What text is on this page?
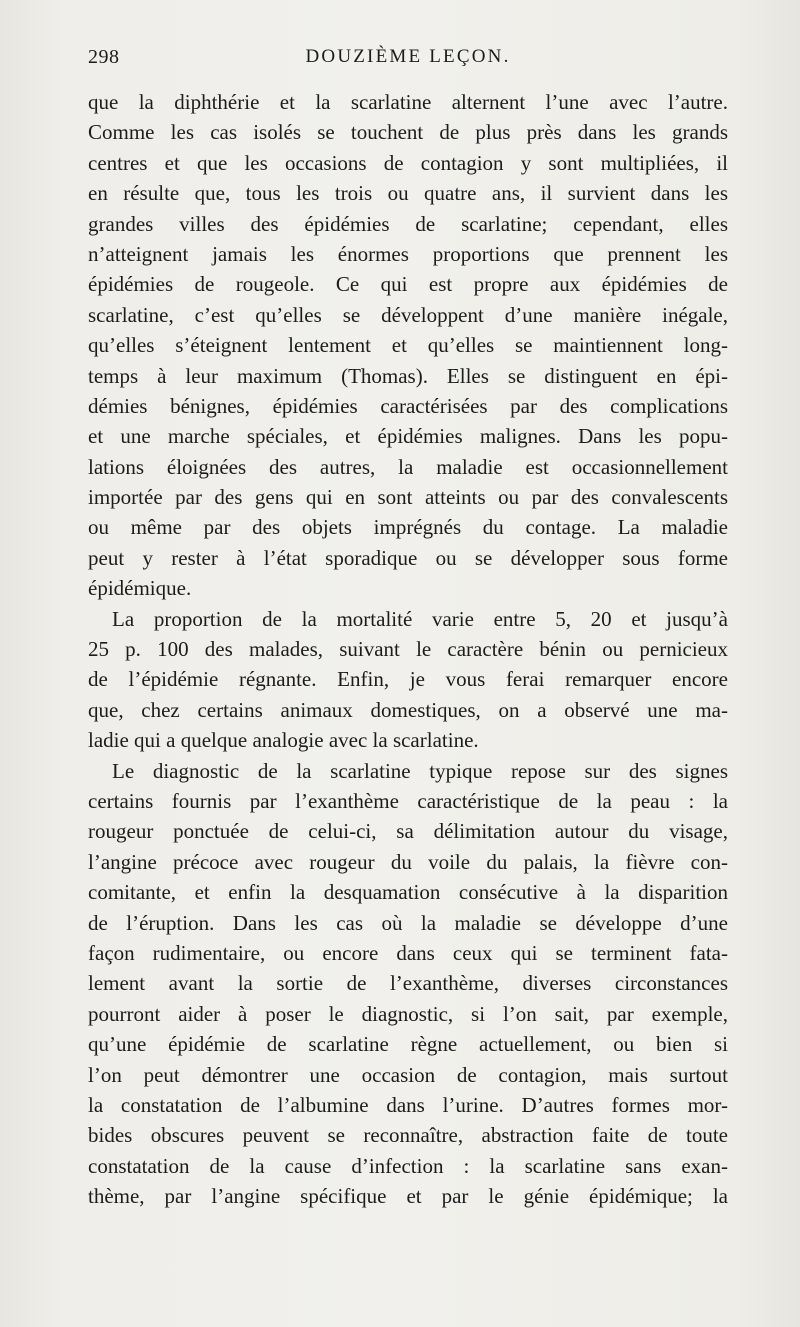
298	DOUZIÈME LEÇON.
que la diphthérie et la scarlatine alternent l’une avec l’autre.
Comme les cas isolés se touchent de plus près dans les grands
centres et que les occasions de contagion y sont multipliées, il
en résulte que, tous les trois ou quatre ans, il survient dans les
grandes villes des épidémies de scarlatine; cependant, elles
n’atteignent jamais les énormes proportions que prennent les
épidémies de rougeole. Ce qui est propre aux épidémies de
scarlatine, c’est qu’elles se développent d’une manière inégale,
qu’elles s’éteignent lentement et qu’elles se maintiennent long-
temps à leur maximum (Thomas). Elles se distinguent en épi-
démies bénignes, épidémies caractérisées par des complications
et une marche spéciales, et épidémies malignes. Dans les popu-
lations éloignées des autres, la maladie est occasionnellement
importée par des gens qui en sont atteints ou par des convalescents
ou même par des objets imprégnés du contage. La maladie
peut y rester à l’état sporadique ou se développer sous forme
épidémique.
La proportion de la mortalité varie entre 5, 20 et jusqu’à
25 p. 100 des malades, suivant le caractère bénin ou pernicieux
de l’épidémie régnante. Enfin, je vous ferai remarquer encore
que, chez certains animaux domestiques, on a observé une ma-
ladie qui a quelque analogie avec la scarlatine.
Le diagnostic de la scarlatine typique repose sur des signes
certains fournis par l’exanthème caractéristique de la peau : la
rougeur ponctuée de celui-ci, sa délimitation autour du visage,
l’angine précoce avec rougeur du voile du palais, la fièvre con-
comitante, et enfin la desquamation consécutive à la disparition
de l’éruption. Dans les cas où la maladie se développe d’une
façon rudimentaire, ou encore dans ceux qui se terminent fata-
lement avant la sortie de l’exanthème, diverses circonstances
pourront aider à poser le diagnostic, si l’on sait, par exemple,
qu’une épidémie de scarlatine règne actuellement, ou bien si
l’on peut démontrer une occasion de contagion, mais surtout
la constatation de l’albumine dans l’urine. D’autres formes mor-
bides obscures peuvent se reconnaître, abstraction faite de toute
constatation de la cause d’infection : la scarlatine sans exan-
thème, par l’angine spécifique et par le génie épidémique; la
